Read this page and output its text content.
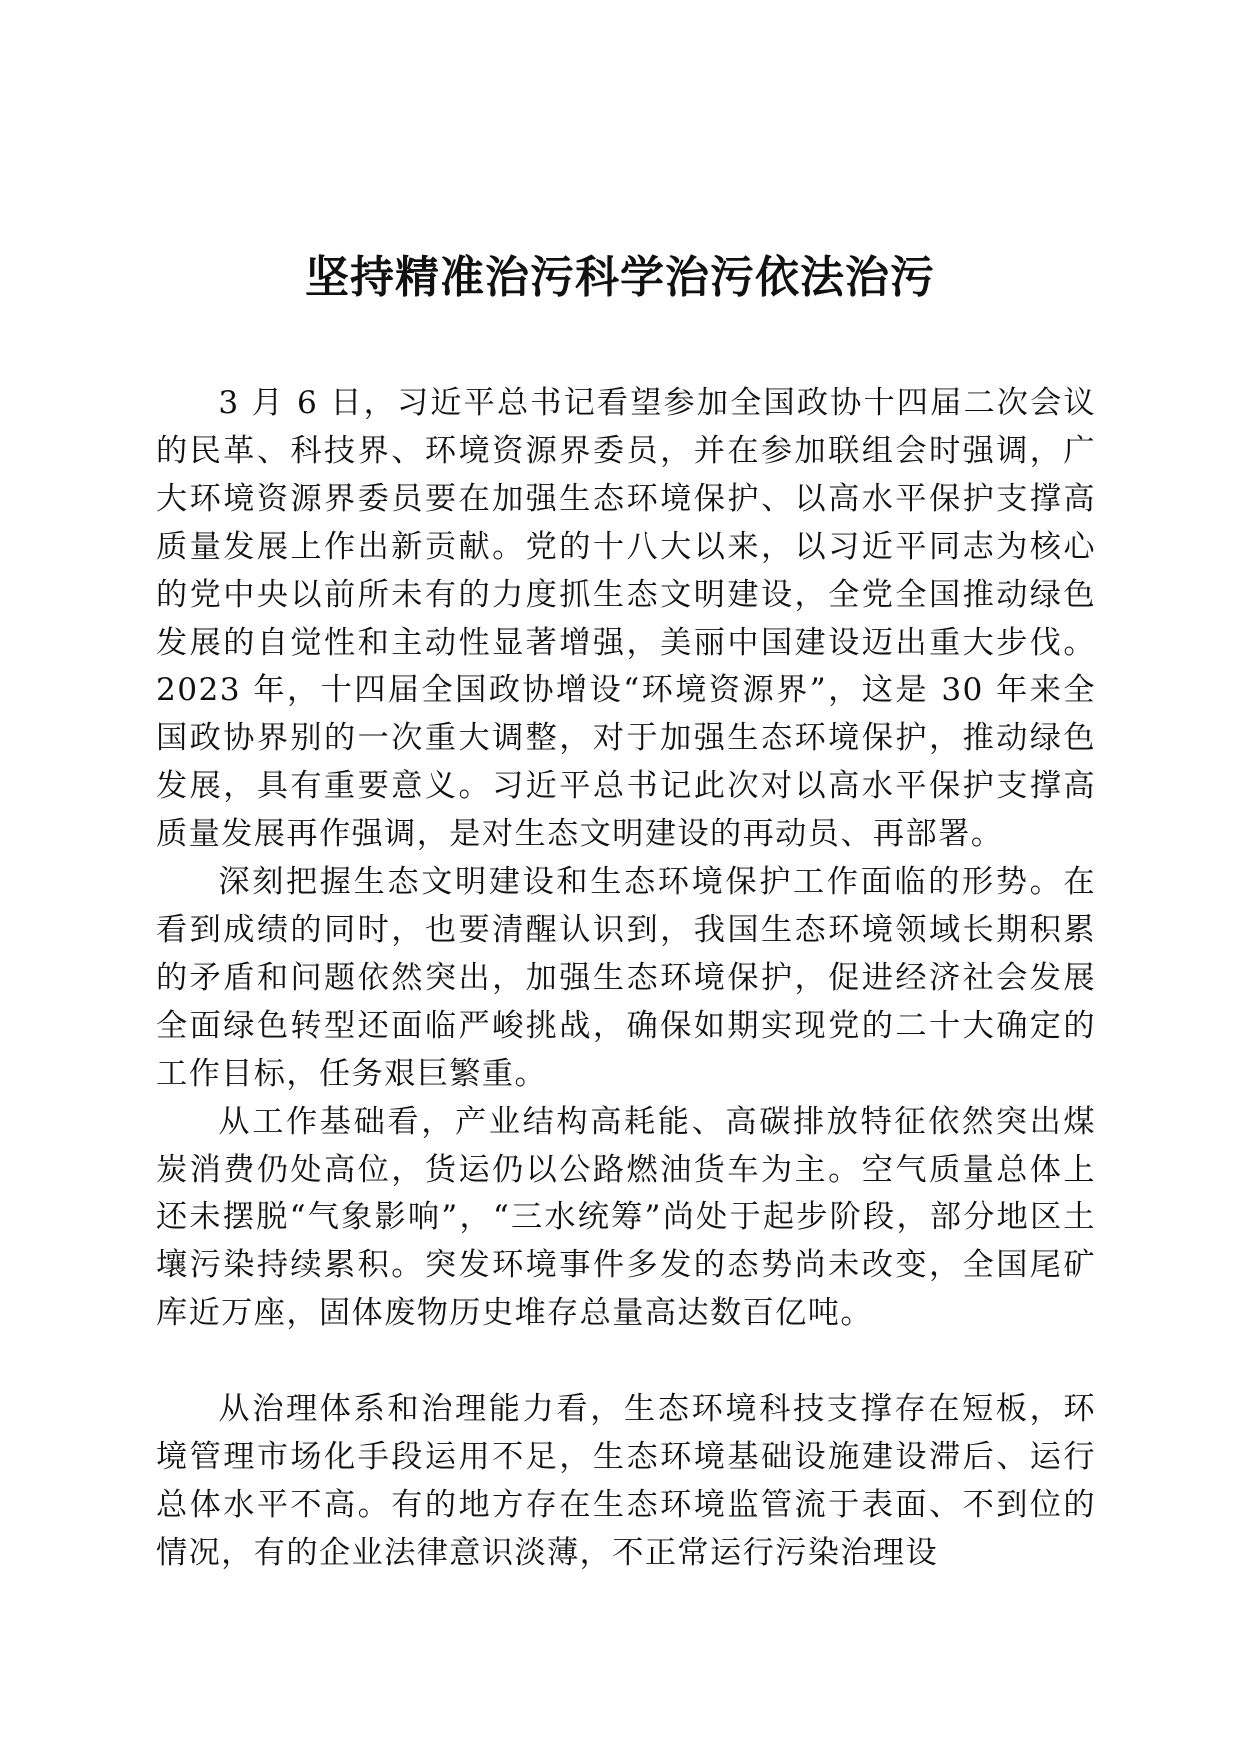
坚持精准治污科学治污依法治污

3 月 6 日，习近平总书记看望参加全国政协十四届二次会议的民革、科技界、环境资源界委员，并在参加联组会时强调，广大环境资源界委员要在加强生态环境保护、以高水平保护支撑高质量发展上作出新贡献。党的十八大以来，以习近平同志为核心的党中央以前所未有的力度抓生态文明建设，全党全国推动绿色发展的自觉性和主动性显著增强，美丽中国建设迈出重大步伐。2023 年，十四届全国政协增设“环境资源界”，这是 30 年来全国政协界别的一次重大调整，对于加强生态环境保护，推动绿色发展，具有重要意义。习近平总书记此次对以高水平保护支撑高质量发展再作强调，是对生态文明建设的再动员、再部署。

深刻把握生态文明建设和生态环境保护工作面临的形势。在看到成绩的同时，也要清醒认识到，我国生态环境领域长期积累的矛盾和问题依然突出，加强生态环境保护，促进经济社会发展全面绿色转型还面临严峻挑战，确保如期实现党的二十大确定的工作目标，任务艰巨繁重。

从工作基础看，产业结构高耗能、高碳排放特征依然突出煤炭消费仍处高位，货运仍以公路燃油货车为主。空气质量总体上还未摆脱“气象影响”，“三水统筹”尚处于起步阶段，部分地区土壤污染持续累积。突发环境事件多发的态势尚未改变，全国尾矿库近万座，固体废物历史堆存总量高达数百亿吨。

从治理体系和治理能力看，生态环境科技支撑存在短板，环境管理市场化手段运用不足，生态环境基础设施建设滞后、运行总体水平不高。有的地方存在生态环境监管流于表面、不到位的情况，有的企业法律意识淡薄，不正常运行污染治理设
